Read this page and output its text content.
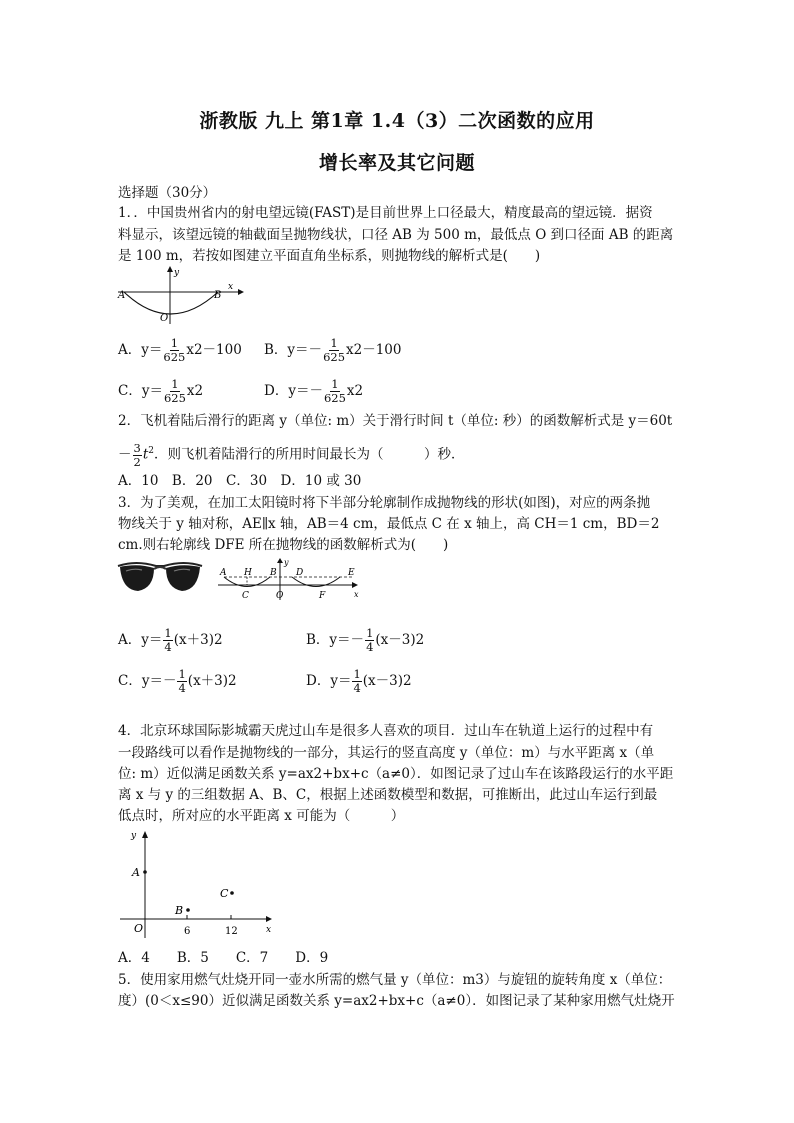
浙教版 九上 第1章 1.4（3）二次函数的应用
增长率及其它问题
选择题（30分）
1．．中国贵州省内的射电望远镜(FAST)是目前世界上口径最大，精度最高的望远镜．据资
料显示，该望远镜的轴截面呈抛物线状，口径 AB 为 500 m，最低点 O 到口径面 AB 的距离
是 100 m，若按如图建立平面直角坐标系，则抛物线的解析式是(　　)
A	B
O
x
y
A．$y= \frac{1}{625} x2-100$ B．$y=- \frac{1}{625} x2-100$
C．$y= \frac{1}{625} x2$	D．$y=- \frac{1}{625} x2$
2．飞机着陆后滑行的距离 y（单位: m）关于滑行时间 t（单位: 秒）的函数解析式是 y＝60t
－ $\frac{3}{2} t^2$．则飞机着陆滑行的所用时间最长为（　　　）秒．
A．10　B．20　C．30　D．10 或 30
3．为了美观，在加工太阳镜时将下半部分轮廓制作成抛物线的形状(如图)，对应的两条抛
物线关于 y 轴对称，AE∥x 轴，AB＝4 cm，最低点 C 在 x 轴上，高 CH＝1 cm，BD＝2
cm.则右轮廓线 DFE 所在抛物线的函数解析式为(　　)
A H B D	E
C	O	F	x
y
A．$y= \frac{1}{4} (x+3)2$	B．$y=- \frac{1}{4} (x-3)2$
C．$y=- \frac{1}{4} (x+3)2$	D．$y= \frac{1}{4} (x-3)2$
4．北京环球国际影城霸天虎过山车是很多人喜欢的项目．过山车在轨道上运行的过程中有
一段路线可以看作是抛物线的一部分，其运行的竖直高度 y（单位：m）与水平距离 x（单
位: m）近似满足函数关系 y=ax2+bx+c（a≠0）．如图记录了过山车在该路段运行的水平距
离 x 与 y 的三组数据 A、B、C，根据上述函数模型和数据，可推断出，此过山车运行到最
低点时，所对应的水平距离 x 可能为（　　　）
A
B
C
O	6	12	x
y
A．4　　B．5　　C．7　　D．9
5．使用家用燃气灶烧开同一壶水所需的燃气量 y（单位：m3）与旋钮的旋转角度 x（单位：
度）(0＜x≤90）近似满足函数关系 y=ax2+bx+c（a≠0）．如图记录了某种家用燃气灶烧开
